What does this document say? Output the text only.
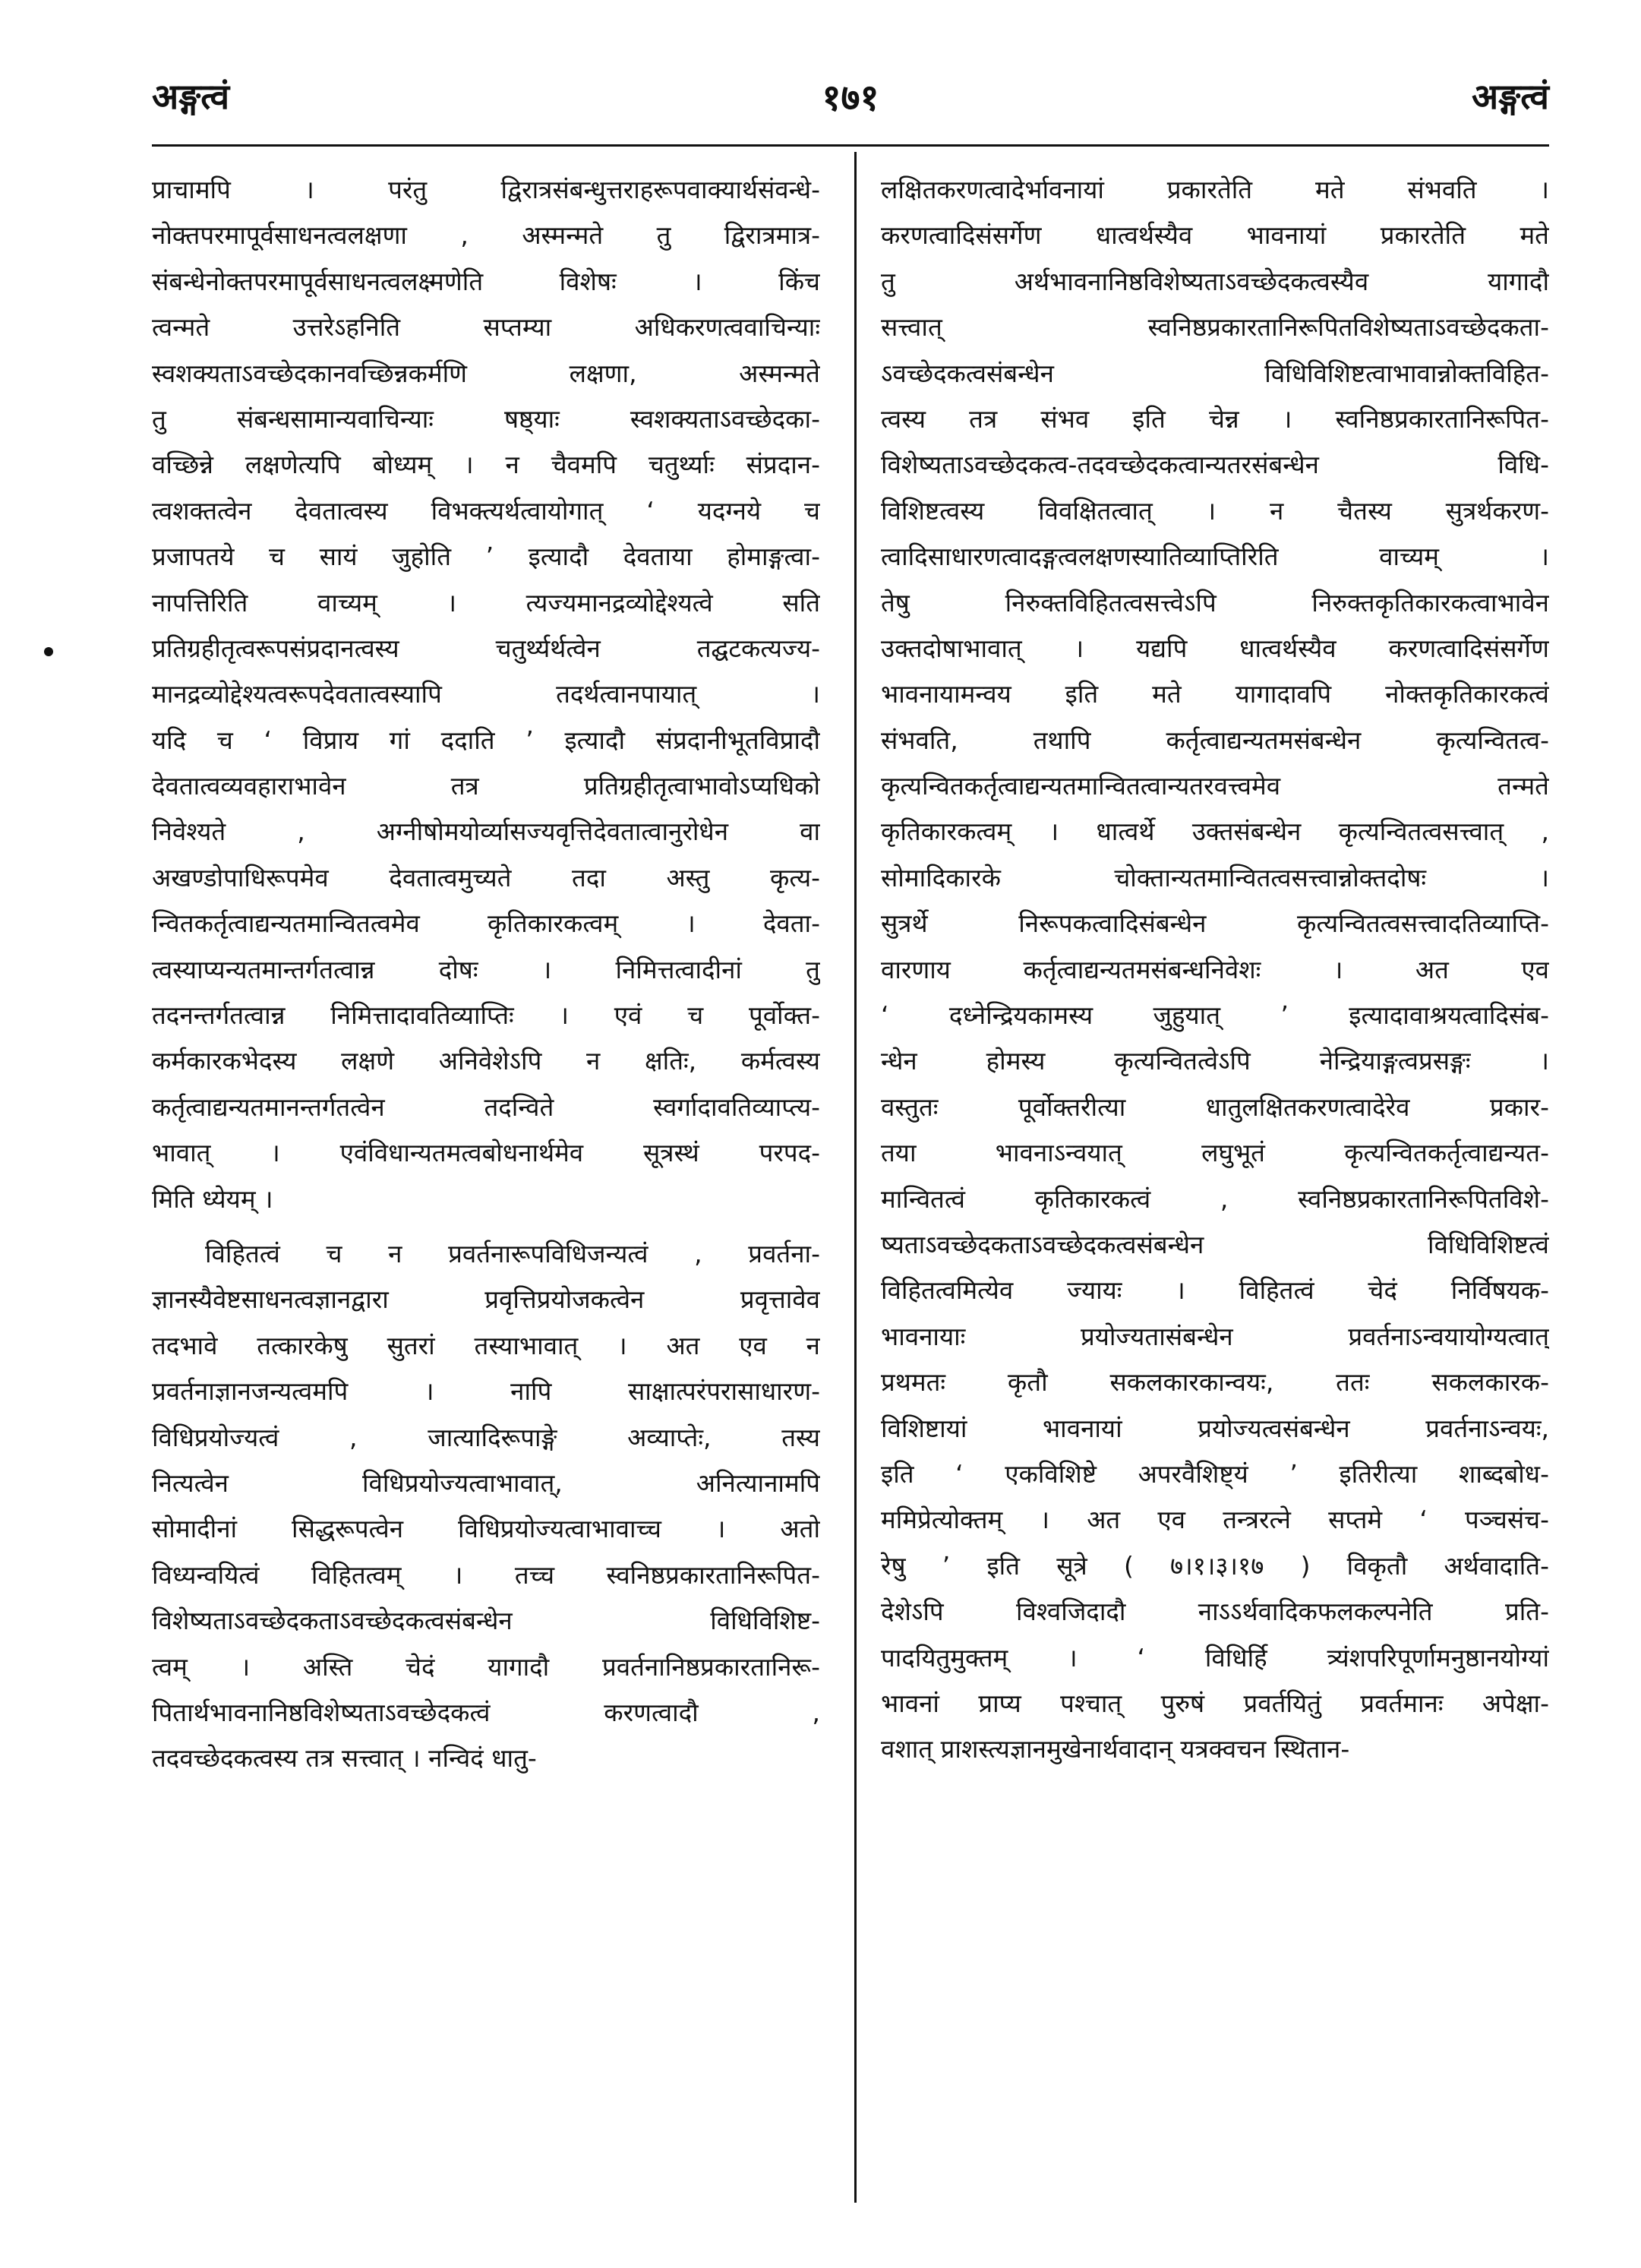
अङ्गत्वं	१७१	अङ्गत्वं
प्राचामपि । परंतु द्विरात्रसंबन्धुत्तराहरूपवाक्यार्थसंवन्धे-
नोक्तपरमापूर्वसाधनत्वलक्षणा , अस्मन्मते तु द्विरात्रमात्र-
संबन्धेनोक्तपरमापूर्वसाधनत्वलक्ष्मणेति विशेषः । किंच
त्वन्मते उत्तरेऽहनिति सप्तम्या अधिकरणत्ववाचिन्याः
स्वशक्यताऽवच्छेदकानवच्छिन्नकर्मणि लक्षणा, अस्मन्मते
तु संबन्धसामान्यवाचिन्याः षष्ठ्याः स्वशक्यताऽवच्छेदका-
वच्छिन्ने लक्षणेत्यपि बोध्यम् । न चैवमपि चतुर्थ्याः संप्रदान-
त्वशक्तत्वेन देवतात्वस्य विभक्त्यर्थत्वायोगात् ‘ यदग्नये च
प्रजापतये च सायं जुहोति ’ इत्यादौ देवताया होमाङ्गत्वा-
नापत्तिरिति वाच्यम् । त्यज्यमानद्रव्योद्देश्यत्वे सति
प्रतिग्रहीतृत्वरूपसंप्रदानत्वस्य चतुर्थ्यर्थत्वेन तद्घटकत्यज्य-
मानद्रव्योद्देश्यत्वरूपदेवतात्वस्यापि तदर्थत्वानपायात् ।
यदि च ‘ विप्राय गां ददाति ’ इत्यादौ संप्रदानीभूतविप्रादौ
देवतात्वव्यवहाराभावेन तत्र प्रतिग्रहीतृत्वाभावोऽप्यधिको
निवेश्यते , अग्नीषोमयोर्व्यासज्यवृत्तिदेवतात्वानुरोधेन वा
अखण्डोपाधिरूपमेव देवतात्वमुच्यते तदा अस्तु कृत्य-
न्वितकर्तृत्वाद्यन्यतमान्वितत्वमेव कृतिकारकत्वम् । देवता-
त्वस्याप्यन्यतमान्तर्गतत्वान्न दोषः । निमित्तत्वादीनां तु
तदनन्तर्गतत्वान्न निमित्तादावतिव्याप्तिः । एवं च पूर्वोक्त-
कर्मकारकभेदस्य लक्षणे अनिवेशेऽपि न क्षतिः, कर्मत्वस्य
कर्तृत्वाद्यन्यतमानन्तर्गतत्वेन तदन्विते स्वर्गादावतिव्याप्त्य-
भावात् । एवंविधान्यतमत्वबोधनार्थमेव सूत्रस्थं परपद-
मिति ध्येयम् ।
विहितत्वं च न प्रवर्तनारूपविधिजन्यत्वं , प्रवर्तना-
ज्ञानस्यैवेष्टसाधनत्वज्ञानद्वारा प्रवृत्तिप्रयोजकत्वेन प्रवृत्तावेव
तदभावे तत्कारकेषु सुतरां तस्याभावात् । अत एव न
प्रवर्तनाज्ञानजन्यत्वमपि । नापि साक्षात्परंपरासाधारण-
विधिप्रयोज्यत्वं , जात्यादिरूपाङ्गे अव्याप्तेः, तस्य
नित्यत्वेन विधिप्रयोज्यत्वाभावात्, अनित्यानामपि
सोमादीनां सिद्धरूपत्वेन विधिप्रयोज्यत्वाभावाच्च । अतो
विध्यन्वयित्वं विहितत्वम् । तच्च स्वनिष्ठप्रकारतानिरूपित-
विशेष्यताऽवच्छेदकताऽवच्छेदकत्वसंबन्धेन विधिविशिष्ट-
त्वम् । अस्ति चेदं यागादौ प्रवर्तनानिष्ठप्रकारतानिरू-
पितार्थभावनानिष्ठविशेष्यताऽवच्छेदकत्वं करणत्वादौ ,
तदवच्छेदकत्वस्य तत्र सत्त्वात् । नन्विदं धातु-
लक्षितकरणत्वादेर्भावनायां प्रकारतेति मते संभवति ।
करणत्वादिसंसर्गेण धात्वर्थस्यैव भावनायां प्रकारतेति मते
तु अर्थभावनानिष्ठविशेष्यताऽवच्छेदकत्वस्यैव यागादौ
सत्त्वात् स्वनिष्ठप्रकारतानिरूपितविशेष्यताऽवच्छेदकता-
ऽवच्छेदकत्वसंबन्धेन विधिविशिष्टत्वाभावान्नोक्तविहित-
त्वस्य तत्र संभव इति चेन्न । स्वनिष्ठप्रकारतानिरूपित-
विशेष्यताऽवच्छेदकत्व-तदवच्छेदकत्वान्यतरसंबन्धेन विधि-
विशिष्टत्वस्य विवक्षितत्वात् । न चैतस्य सुत्रर्थकरण-
त्वादिसाधारणत्वादङ्गत्वलक्षणस्यातिव्याप्तिरिति वाच्यम् ।
तेषु निरुक्तविहितत्वसत्त्वेऽपि निरुक्तकृतिकारकत्वाभावेन
उक्तदोषाभावात् । यद्यपि धात्वर्थस्यैव करणत्वादिसंसर्गेण
भावनायामन्वय इति मते यागादावपि नोक्तकृतिकारकत्वं
संभवति, तथापि कर्तृत्वाद्यन्यतमसंबन्धेन कृत्यन्वितत्व-
कृत्यन्वितकर्तृत्वाद्यन्यतमान्वितत्वान्यतरवत्त्वमेव तन्मते
कृतिकारकत्वम् । धात्वर्थे उक्तसंबन्धेन कृत्यन्वितत्वसत्त्वात् ,
सोमादिकारके चोक्तान्यतमान्वितत्वसत्त्वान्नोक्तदोषः ।
सुत्रर्थे निरूपकत्वादिसंबन्धेन कृत्यन्वितत्वसत्त्वादतिव्याप्ति-
वारणाय कर्तृत्वाद्यन्यतमसंबन्धनिवेशः । अत एव
‘ दध्नेन्द्रियकामस्य जुहुयात् ’ इत्यादावाश्रयत्वादिसंब-
न्धेन होमस्य कृत्यन्वितत्वेऽपि नेन्द्रियाङ्गत्वप्रसङ्गः ।
वस्तुतः पूर्वोक्तरीत्या धातुलक्षितकरणत्वादेरेव प्रकार-
तया भावनाऽन्वयात् लघुभूतं कृत्यन्वितकर्तृत्वाद्यन्यत-
मान्वितत्वं कृतिकारकत्वं , स्वनिष्ठप्रकारतानिरूपितविशे-
ष्यताऽवच्छेदकताऽवच्छेदकत्वसंबन्धेन विधिविशिष्टत्वं
विहितत्वमित्येव ज्यायः । विहितत्वं चेदं निर्विषयक-
भावनायाः प्रयोज्यतासंबन्धेन प्रवर्तनाऽन्वयायोग्यत्वात्
प्रथमतः कृतौ सकलकारकान्वयः, ततः सकलकारक-
विशिष्टायां भावनायां प्रयोज्यत्वसंबन्धेन प्रवर्तनाऽन्वयः,
इति ‘ एकविशिष्टे अपरवैशिष्ट्यं ’ इतिरीत्या शाब्दबोध-
ममिप्रेत्योक्तम् । अत एव तन्त्ररत्ने सप्तमे ‘ पञ्चसंच-
रेषु ’ इति सूत्रे ( ७।१।३।१७ ) विकृतौ अर्थवादाति-
देशेऽपि विश्वजिदादौ नाऽऽर्थवादिकफलकल्पनेति प्रति-
पादयितुमुक्तम् । ‘ विधिर्हि त्र्यंशपरिपूर्णामनुष्ठानयोग्यां
भावनां प्राप्य पश्चात् पुरुषं प्रवर्तयितुं प्रवर्तमानः अपेक्षा-
वशात् प्राशस्त्यज्ञानमुखेनार्थवादान् यत्रक्वचन स्थितान-
